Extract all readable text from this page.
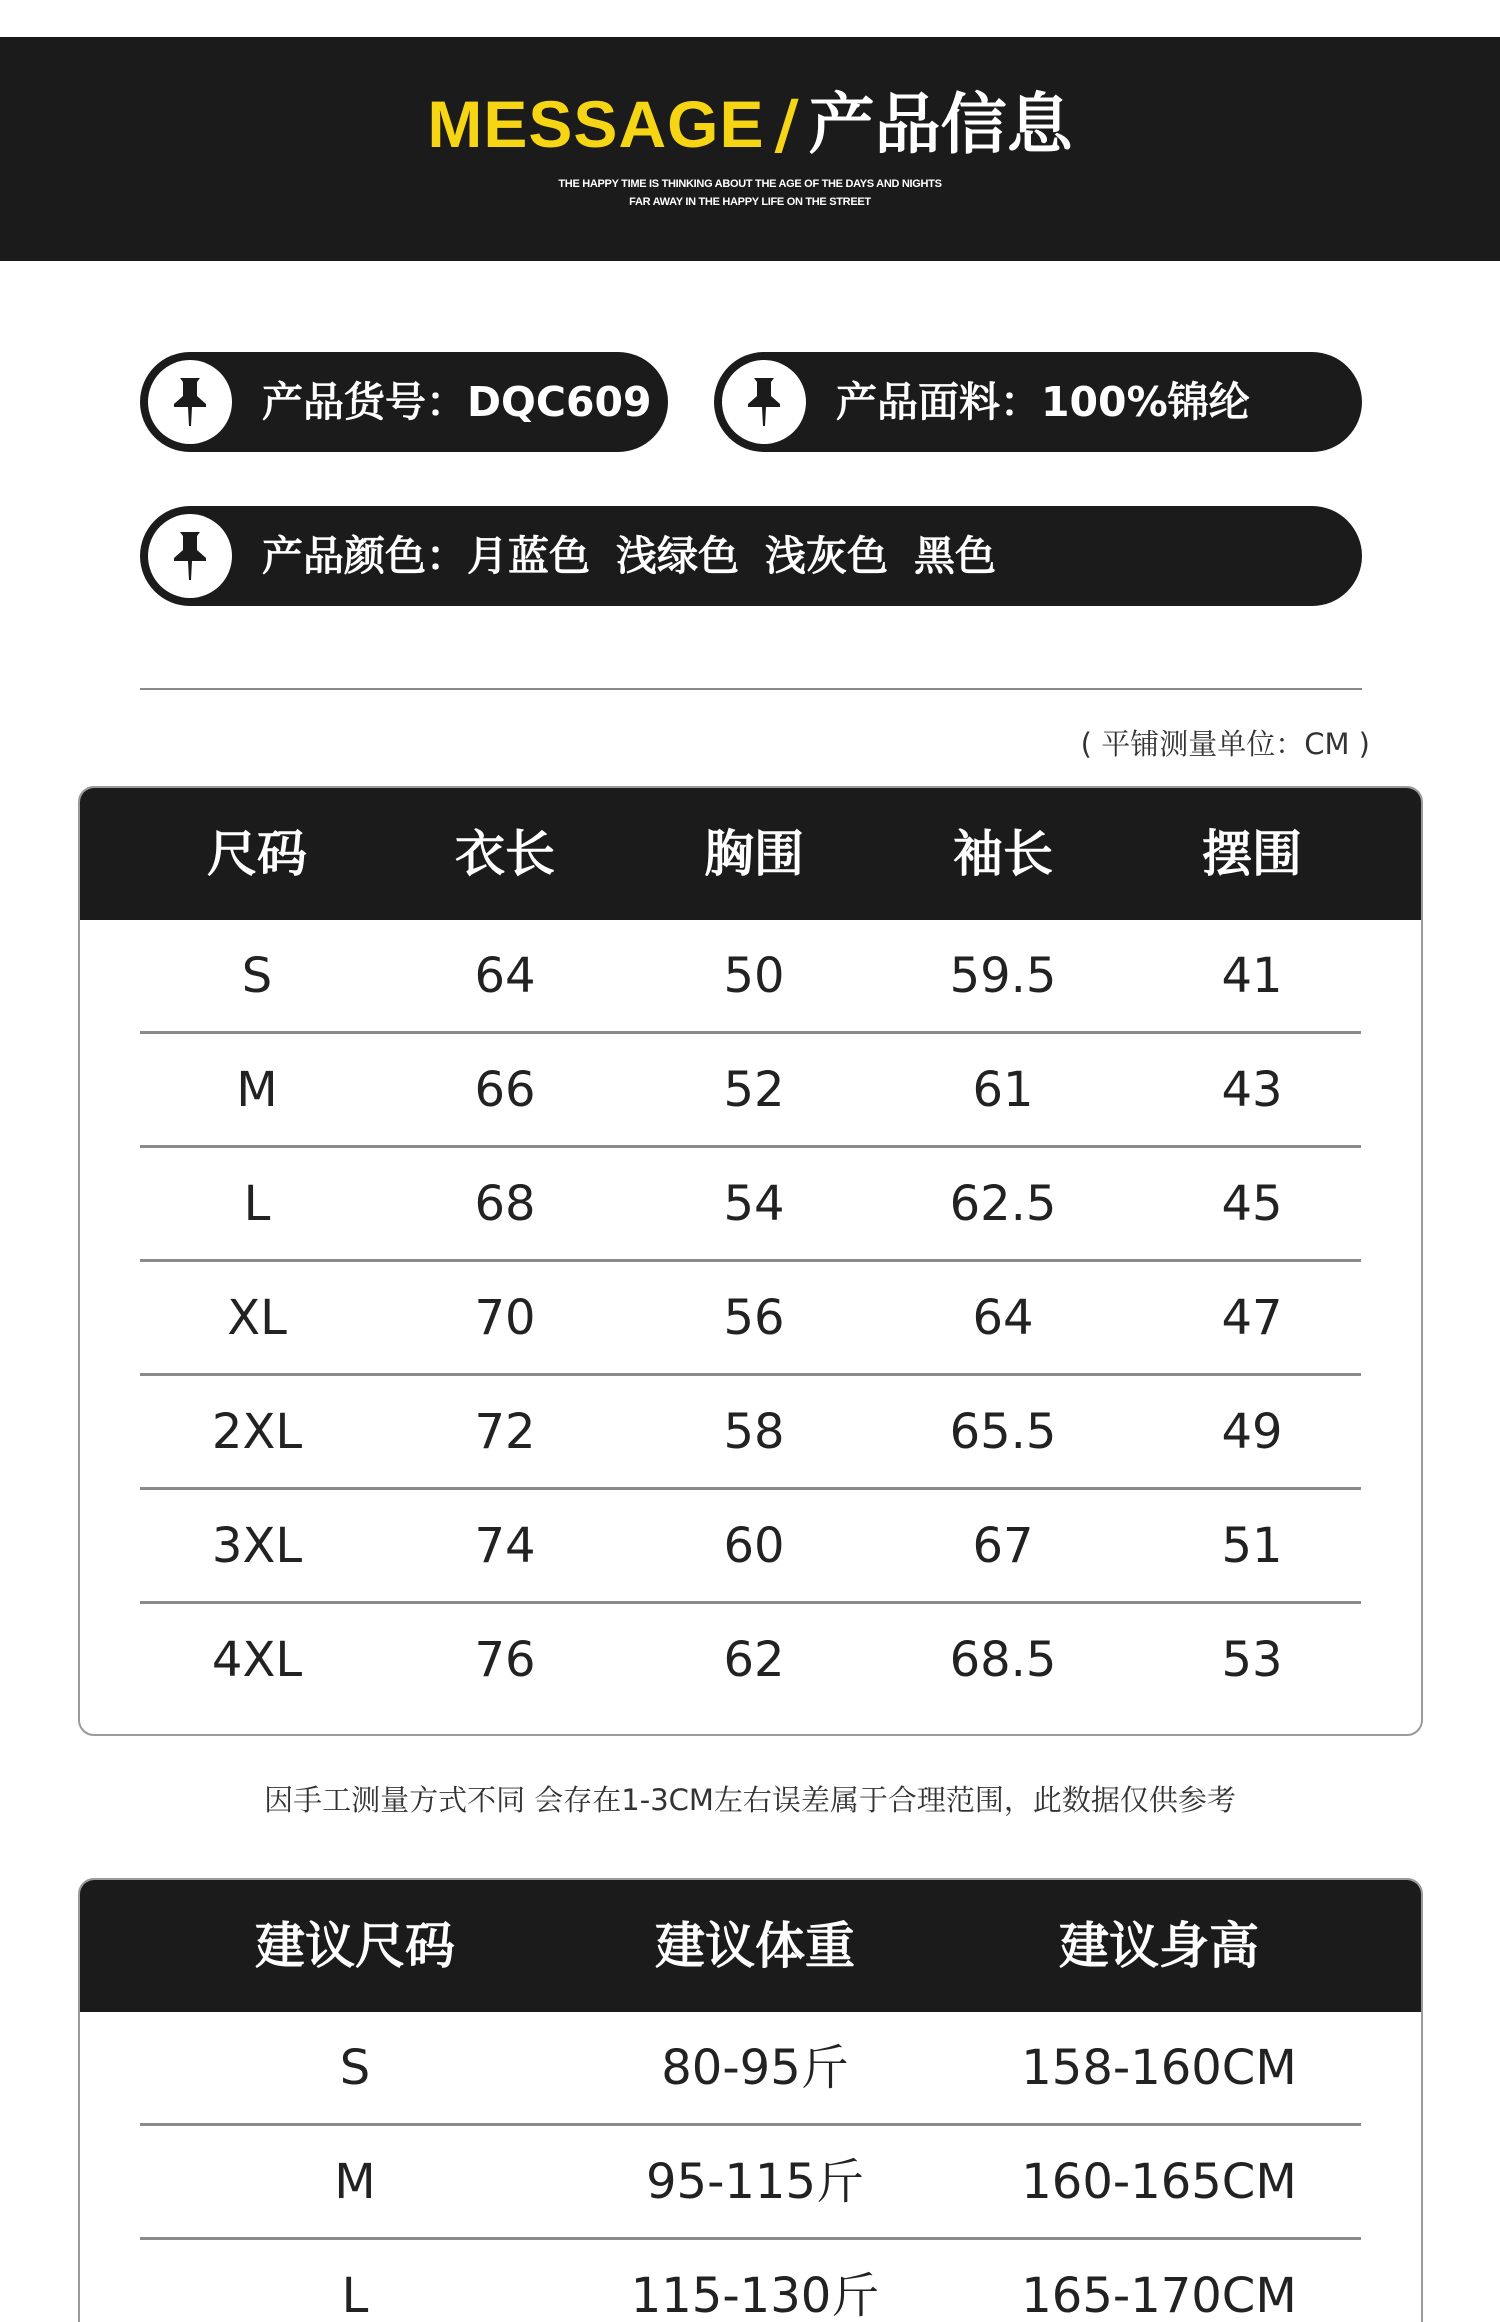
MESSAGE / 产品信息
THE HAPPY TIME IS THINKING ABOUT THE AGE OF THE DAYS AND NIGHTS
FAR AWAY IN THE HAPPY LIFE ON THE STREET
产品货号：DQC609	产品面料：100%锦纶
产品颜色：月蓝色 浅绿色 浅灰色 黑色
( 平铺测量单位：CM )
尺码	衣长	胸围	袖长	摆围
S	64	50	59.5	41
M	66	52	61	43
L	68	54	62.5	45
XL	70	56	64	47
2XL	72	58	65.5	49
3XL	74	60	67	51
4XL	76	62	68.5	53
因手工测量方式不同 会存在1-3CM左右误差属于合理范围，此数据仅供参考
建议尺码	建议体重	建议身高
S	80-95斤	158-160CM
M	95-115斤	160-165CM
L	115-130斤	165-170CM
